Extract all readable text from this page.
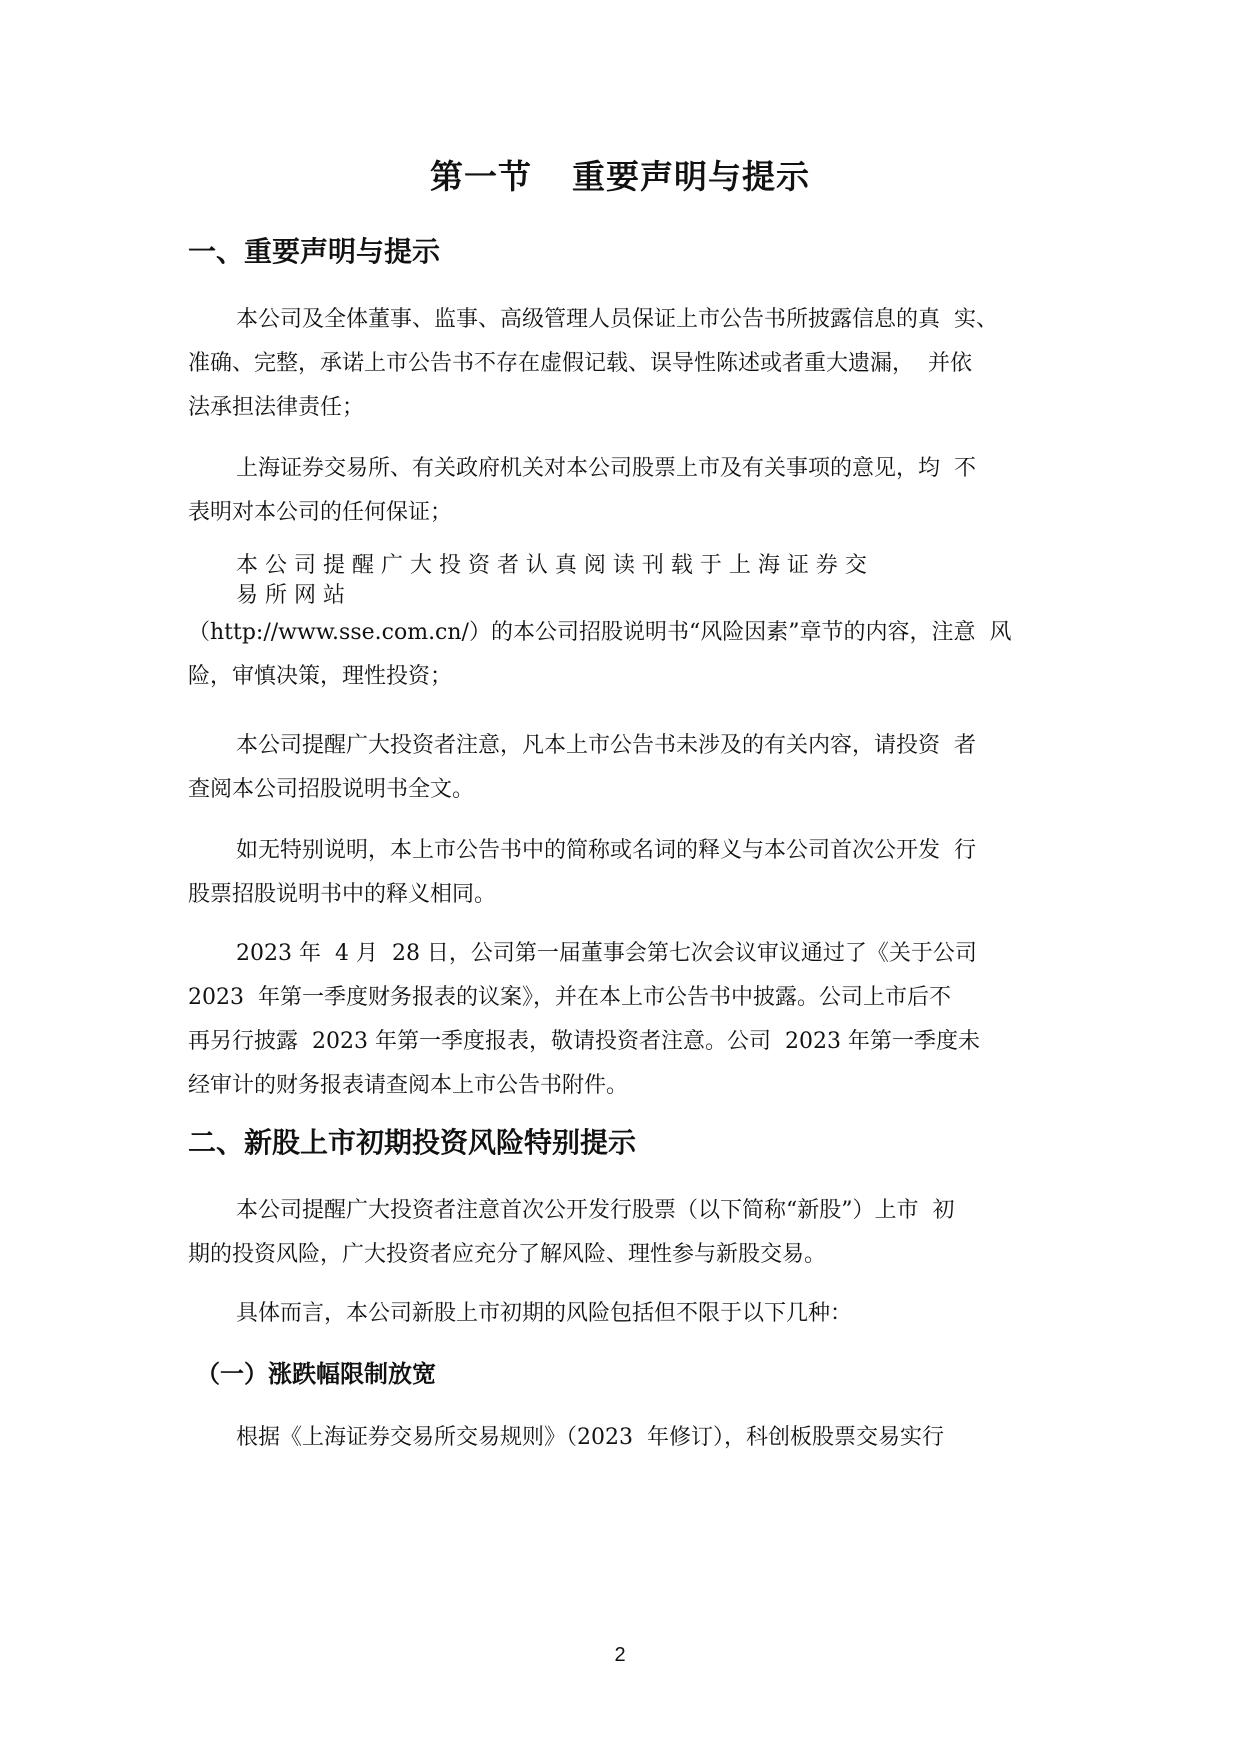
第一节 重要声明与提示
一、重要声明与提示

本公司及全体董事、监事、高级管理人员保证上市公告书所披露信息的真  实、
准确、完整，承诺上市公告书不存在虚假记载、误导性陈述或者重大遗漏，  并依
法承担法律责任；

上海证券交易所、有关政府机关对本公司股票上市及有关事项的意见，均  不
表明对本公司的任何保证；

本 公 司 提 醒 广 大 投 资 者 认 真 阅 读 刊 载 于 上 海 证 券 交
易 所 网 站
（http://www.sse.com.cn/）的本公司招股说明书“风险因素”章节的内容，注意  风
险，审慎决策，理性投资；

本公司提醒广大投资者注意，凡本上市公告书未涉及的有关内容，请投资  者
查阅本公司招股说明书全文。

如无特别说明，本上市公告书中的简称或名词的释义与本公司首次公开发  行
股票招股说明书中的释义相同。

2023 年  4 月  28 日，公司第一届董事会第七次会议审议通过了《关于公司
2023  年第一季度财务报表的议案》，并在本上市公告书中披露。公司上市后不
再另行披露  2023 年第一季度报表，敬请投资者注意。公司  2023 年第一季度未
经审计的财务报表请查阅本上市公告书附件。

二、新股上市初期投资风险特别提示

本公司提醒广大投资者注意首次公开发行股票（以下简称“新股”）上市  初
期的投资风险，广大投资者应充分了解风险、理性参与新股交易。

具体而言，本公司新股上市初期的风险包括但不限于以下几种：

（一）涨跌幅限制放宽

根据《上海证券交易所交易规则》（2023  年修订），科创板股票交易实行

2
